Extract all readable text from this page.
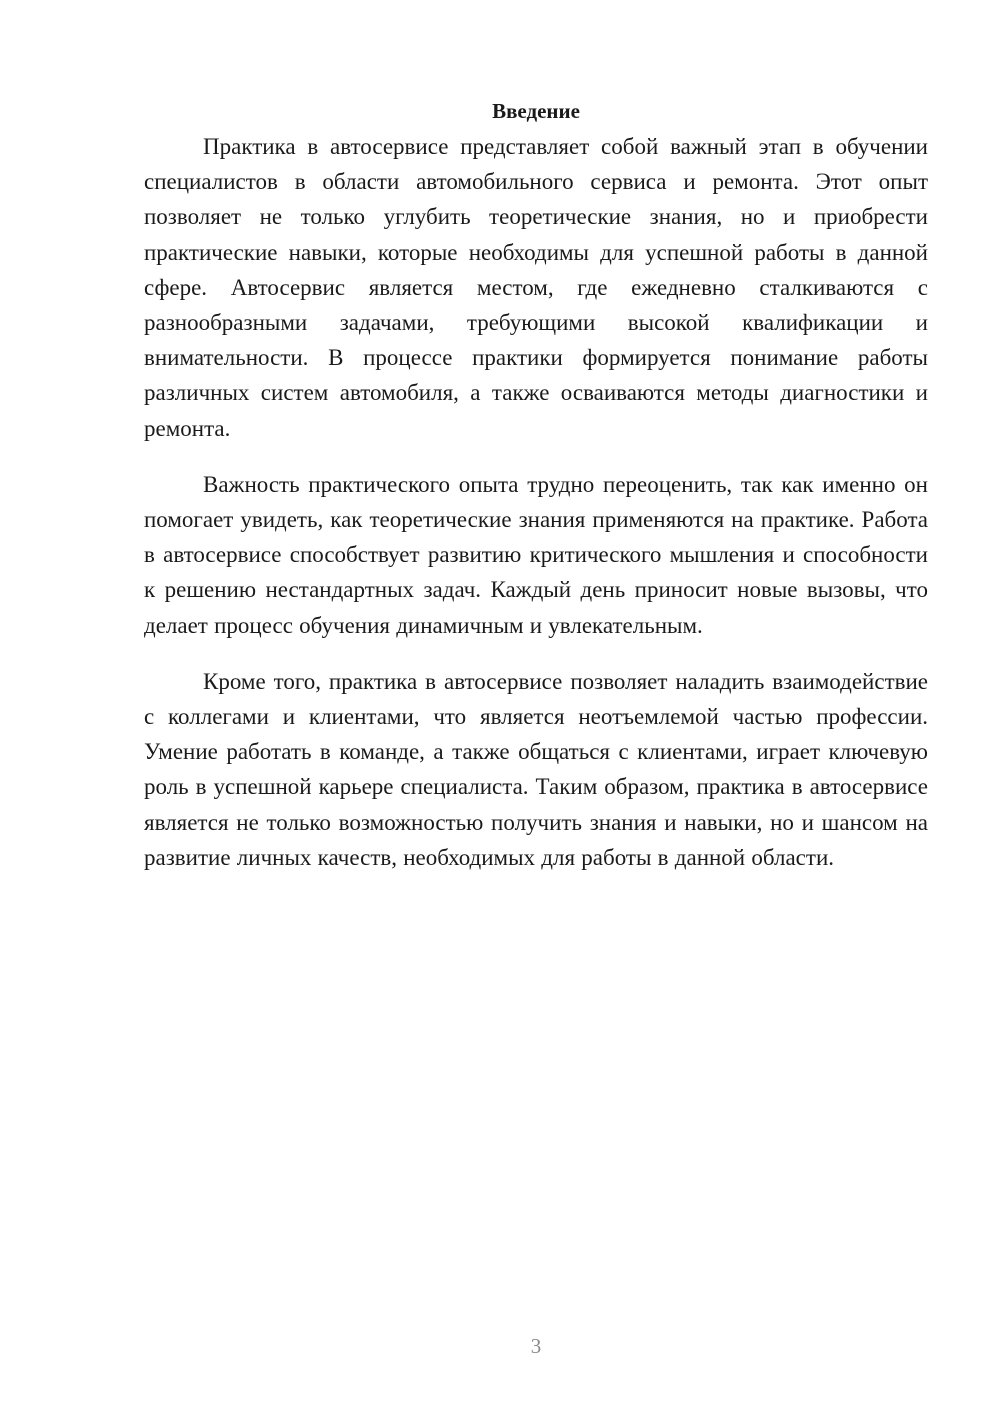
Введение

Практика в автосервисе представляет собой важный этап в обучении специалистов в области автомобильного сервиса и ремонта. Этот опыт позволяет не только углубить теоретические знания, но и приобрести практические навыки, которые необходимы для успешной работы в данной сфере. Автосервис является местом, где ежедневно сталкиваются с разнообразными задачами, требующими высокой квалификации и внимательности. В процессе практики формируется понимание работы различных систем автомобиля, а также осваиваются методы диагностики и ремонта.

Важность практического опыта трудно переоценить, так как именно он помогает увидеть, как теоретические знания применяются на практике. Работа в автосервисе способствует развитию критического мышления и способности к решению нестандартных задач. Каждый день приносит новые вызовы, что делает процесс обучения динамичным и увлекательным.

Кроме того, практика в автосервисе позволяет наладить взаимодействие с коллегами и клиентами, что является неотъемлемой частью профессии. Умение работать в команде, а также общаться с клиентами, играет ключевую роль в успешной карьере специалиста. Таким образом, практика в автосервисе является не только возможностью получить знания и навыки, но и шансом на развитие личных качеств, необходимых для работы в данной области.

3
